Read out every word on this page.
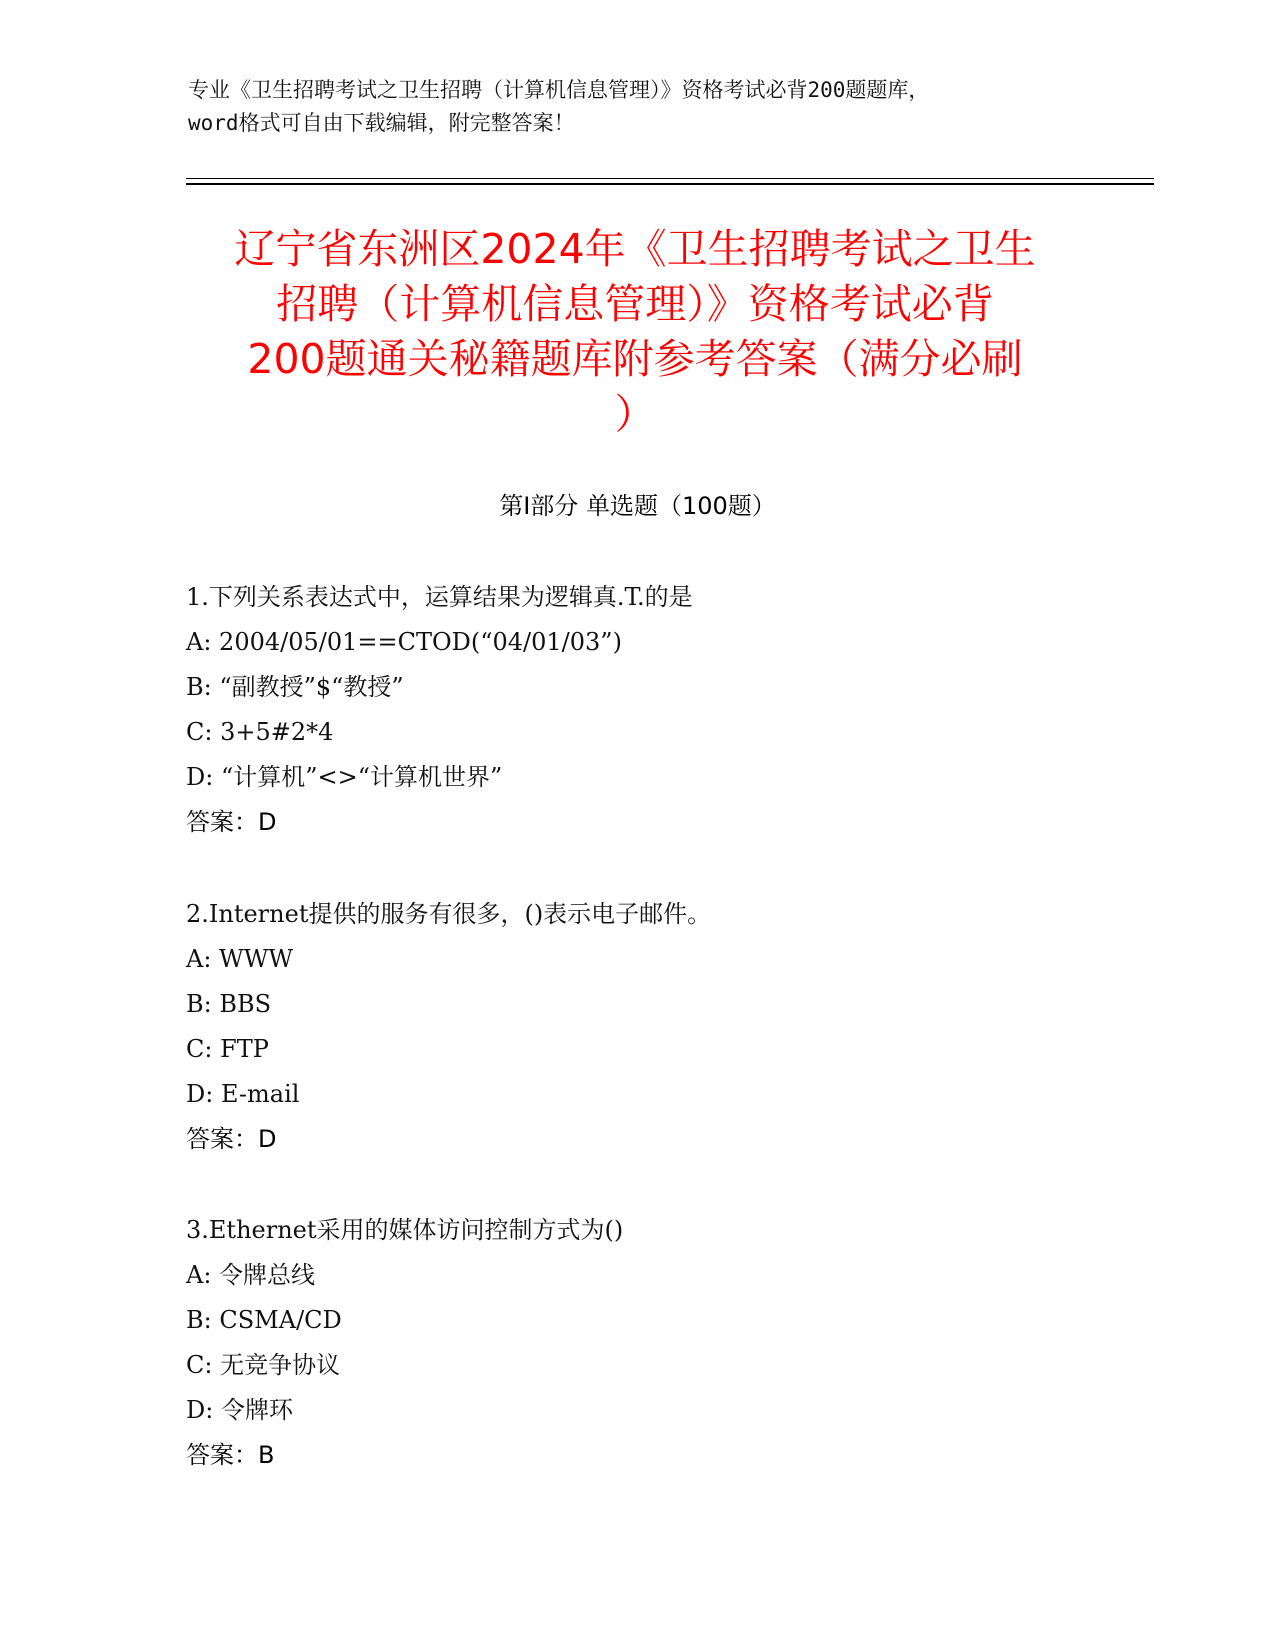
专业《卫生招聘考试之卫生招聘（计算机信息管理）》资格考试必背200题题库，
word格式可自由下载编辑，附完整答案！
辽宁省东洲区2024年《卫生招聘考试之卫生
招聘（计算机信息管理）》资格考试必背
200题通关秘籍题库附参考答案（满分必刷
）
第Ⅰ部分 单选题（100题）
1.下列关系表达式中，运算结果为逻辑真.T.的是
A: 2004/05/01==CTOD(“04/01/03”)
B: “副教授”$“教授”
C: 3+5#2*4
D: “计算机”<>“计算机世界”
答案：D
2.Internet提供的服务有很多，()表示电子邮件。
A: WWW
B: BBS
C: FTP
D: E-mail
答案：D
3.Ethernet采用的媒体访问控制方式为()
A: 令牌总线
B: CSMA/CD
C: 无竞争协议
D: 令牌环
答案：B
